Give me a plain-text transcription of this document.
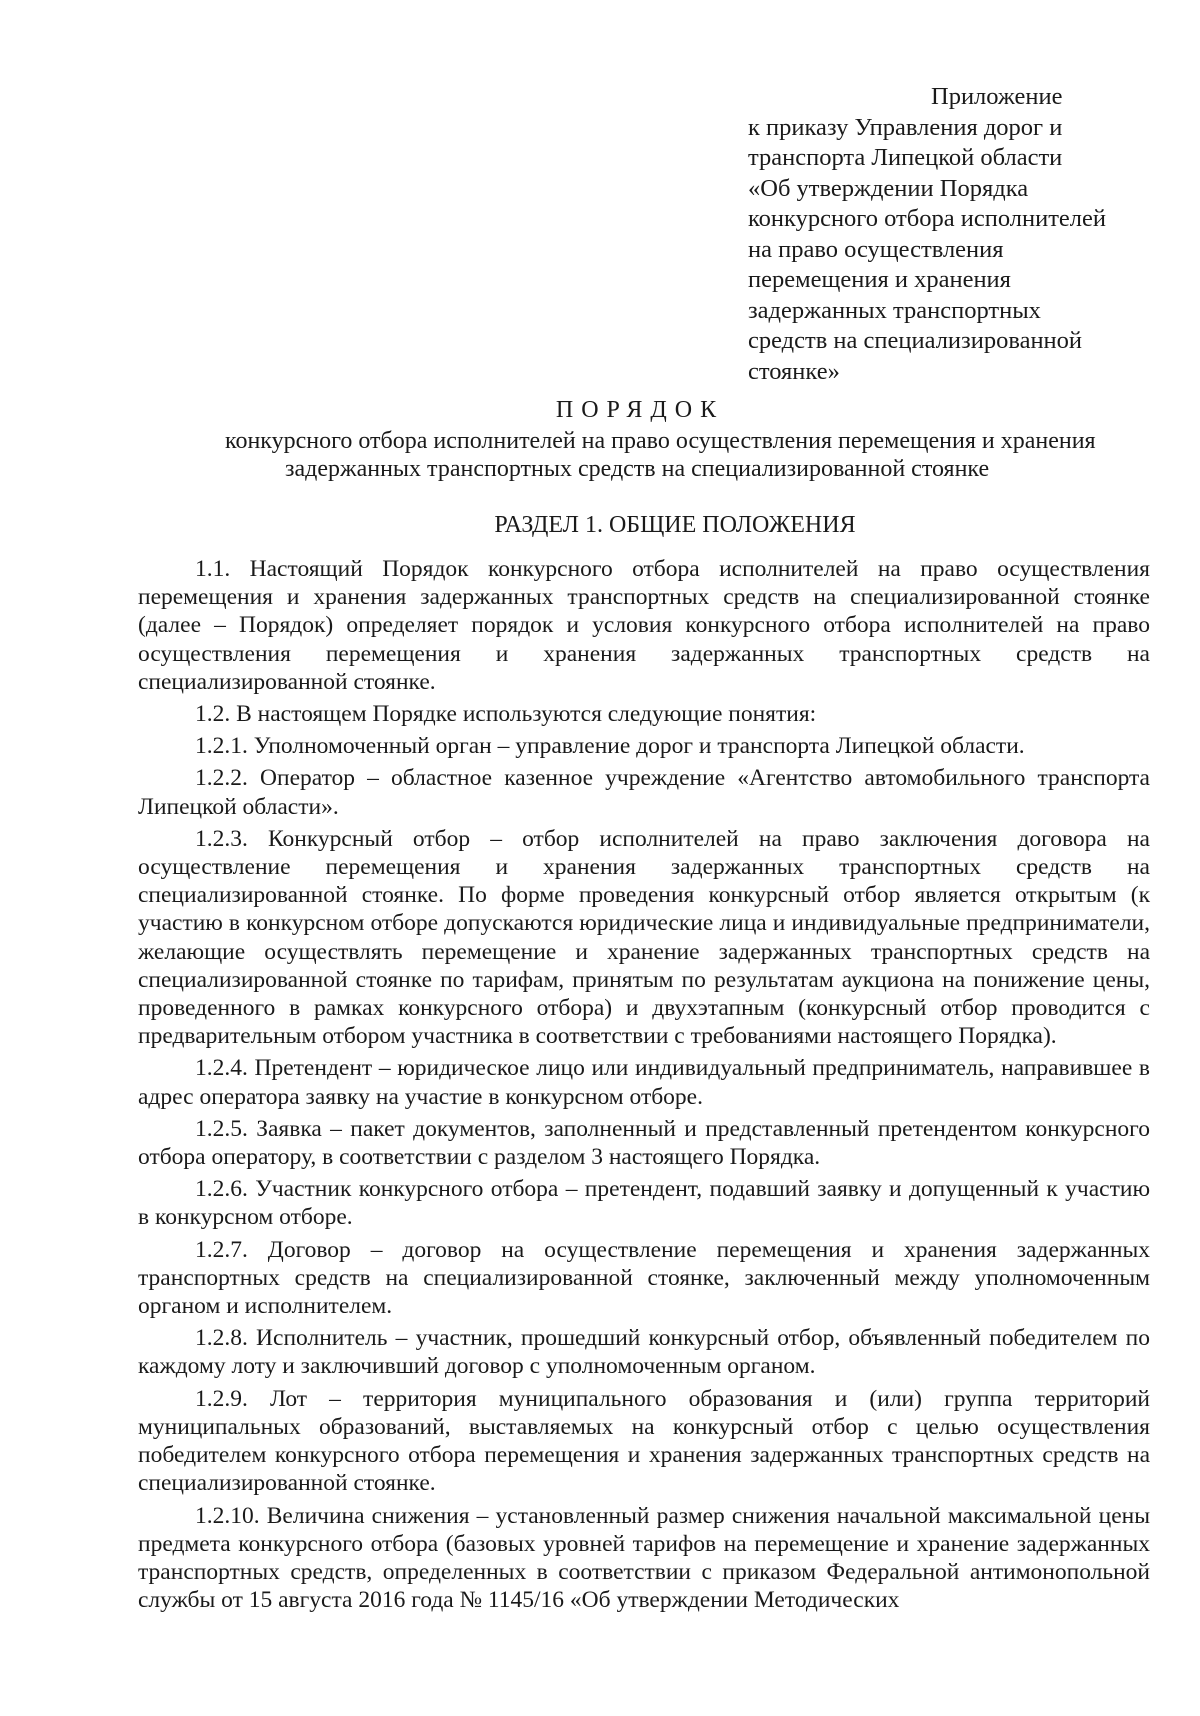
Приложение
к приказу Управления дорог и
транспорта Липецкой области
«Об утверждении Порядка
конкурсного отбора исполнителей
на право осуществления
перемещения и хранения
задержанных транспортных
средств на специализированной
стоянке»
ПОРЯДОК
конкурсного отбора исполнителей на право осуществления перемещения и хранения
задержанных транспортных средств на специализированной стоянке
РАЗДЕЛ 1. ОБЩИЕ ПОЛОЖЕНИЯ

1.1. Настоящий Порядок конкурсного отбора исполнителей на право осуществления перемещения и хранения задержанных транспортных средств на специализированной стоянке (далее – Порядок) определяет порядок и условия конкурсного отбора исполнителей на право осуществления перемещения и хранения задержанных транспортных средств на специализированной стоянке.

1.2. В настоящем Порядке используются следующие понятия:

1.2.1. Уполномоченный орган – управление дорог и транспорта Липецкой области.

1.2.2. Оператор – областное казенное учреждение «Агентство автомобильного транспорта Липецкой области».

1.2.3. Конкурсный отбор – отбор исполнителей на право заключения договора на осуществление перемещения и хранения задержанных транспортных средств на специализированной стоянке. По форме проведения конкурсный отбор является открытым (к участию в конкурсном отборе допускаются юридические лица и индивидуальные предприниматели, желающие осуществлять перемещение и хранение задержанных транспортных средств на специализированной стоянке по тарифам, принятым по результатам аукциона на понижение цены, проведенного в рамках конкурсного отбора) и двухэтапным (конкурсный отбор проводится с предварительным отбором участника в соответствии с требованиями настоящего Порядка).

1.2.4. Претендент – юридическое лицо или индивидуальный предприниматель, направившее в адрес оператора заявку на участие в конкурсном отборе.

1.2.5. Заявка – пакет документов, заполненный и представленный претендентом конкурсного отбора оператору, в соответствии с разделом 3 настоящего Порядка.

1.2.6. Участник конкурсного отбора – претендент, подавший заявку и допущенный к участию в конкурсном отборе.

1.2.7. Договор – договор на осуществление перемещения и хранения задержанных транспортных средств на специализированной стоянке, заключенный между уполномоченным органом и исполнителем.

1.2.8. Исполнитель – участник, прошедший конкурсный отбор, объявленный победителем по каждому лоту и заключивший договор с уполномоченным органом.

1.2.9. Лот – территория муниципального образования и (или) группа территорий муниципальных образований, выставляемых на конкурсный отбор с целью осуществления победителем конкурсного отбора перемещения и хранения задержанных транспортных средств на специализированной стоянке.

1.2.10. Величина снижения – установленный размер снижения начальной максимальной цены предмета конкурсного отбора (базовых уровней тарифов на перемещение и хранение задержанных транспортных средств, определенных в соответствии с приказом Федеральной антимонопольной службы от 15 августа 2016 года № 1145/16 «Об утверждении Методических
